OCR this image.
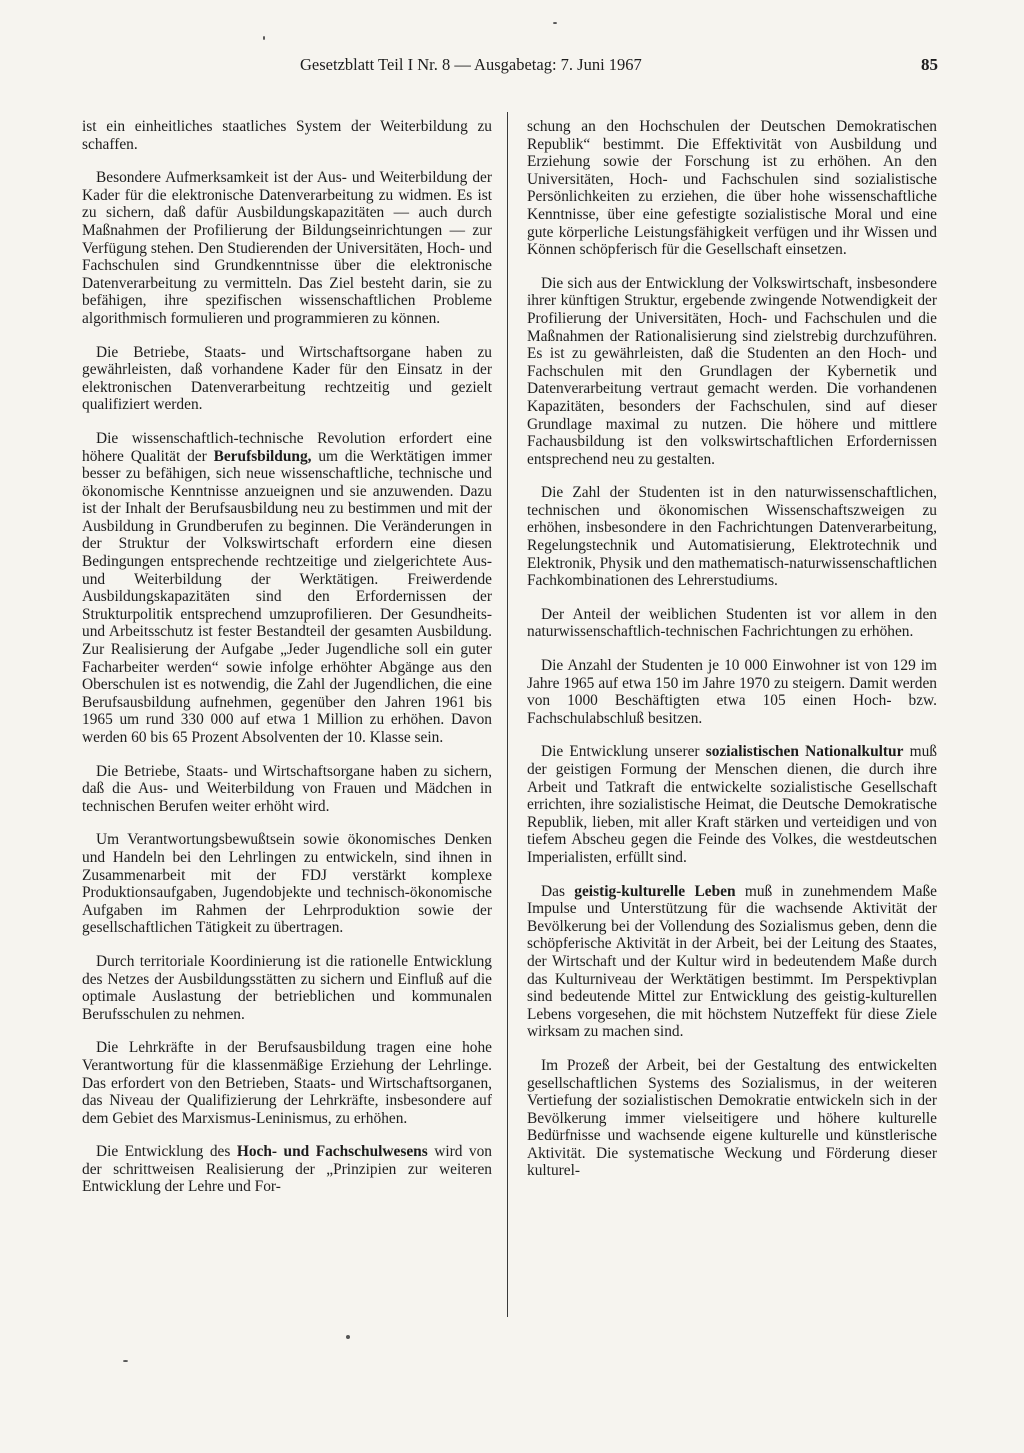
Gesetzblatt Teil I Nr. 8 — Ausgabetag: 7. Juni 1967	85

ist ein einheitliches staatliches System der Weiterbildung zu schaffen.

Besondere Aufmerksamkeit ist der Aus- und Weiterbildung der Kader für die elektronische Datenverarbeitung zu widmen. Es ist zu sichern, daß dafür Ausbildungskapazitäten — auch durch Maßnahmen der Profilierung der Bildungseinrichtungen — zur Verfügung stehen. Den Studierenden der Universitäten, Hoch- und Fachschulen sind Grundkenntnisse über die elektronische Datenverarbeitung zu vermitteln. Das Ziel besteht darin, sie zu befähigen, ihre spezifischen wissenschaftlichen Probleme algorithmisch formulieren und programmieren zu können.

Die Betriebe, Staats- und Wirtschaftsorgane haben zu gewährleisten, daß vorhandene Kader für den Einsatz in der elektronischen Datenverarbeitung rechtzeitig und gezielt qualifiziert werden.

Die wissenschaftlich-technische Revolution erfordert eine höhere Qualität der Berufsbildung, um die Werktätigen immer besser zu befähigen, sich neue wissenschaftliche, technische und ökonomische Kenntnisse anzueignen und sie anzuwenden. Dazu ist der Inhalt der Berufsausbildung neu zu bestimmen und mit der Ausbildung in Grundberufen zu beginnen. Die Veränderungen in der Struktur der Volkswirtschaft erfordern eine diesen Bedingungen entsprechende rechtzeitige und zielgerichtete Aus- und Weiterbildung der Werktätigen. Freiwerdende Ausbildungskapazitäten sind den Erfordernissen der Strukturpolitik entsprechend umzuprofilieren. Der Gesundheits- und Arbeitsschutz ist fester Bestandteil der gesamten Ausbildung. Zur Realisierung der Aufgabe „Jeder Jugendliche soll ein guter Facharbeiter werden“ sowie infolge erhöhter Abgänge aus den Oberschulen ist es notwendig, die Zahl der Jugendlichen, die eine Berufsausbildung aufnehmen, gegenüber den Jahren 1961 bis 1965 um rund 330 000 auf etwa 1 Million zu erhöhen. Davon werden 60 bis 65 Prozent Absolventen der 10. Klasse sein.

Die Betriebe, Staats- und Wirtschaftsorgane haben zu sichern, daß die Aus- und Weiterbildung von Frauen und Mädchen in technischen Berufen weiter erhöht wird.

Um Verantwortungsbewußtsein sowie ökonomisches Denken und Handeln bei den Lehrlingen zu entwickeln, sind ihnen in Zusammenarbeit mit der FDJ verstärkt komplexe Produktionsaufgaben, Jugendobjekte und technisch-ökonomische Aufgaben im Rahmen der Lehrproduktion sowie der gesellschaftlichen Tätigkeit zu übertragen.

Durch territoriale Koordinierung ist die rationelle Entwicklung des Netzes der Ausbildungsstätten zu sichern und Einfluß auf die optimale Auslastung der betrieblichen und kommunalen Berufsschulen zu nehmen.

Die Lehrkräfte in der Berufsausbildung tragen eine hohe Verantwortung für die klassenmäßige Erziehung der Lehrlinge. Das erfordert von den Betrieben, Staats- und Wirtschaftsorganen, das Niveau der Qualifizierung der Lehrkräfte, insbesondere auf dem Gebiet des Marxismus-Leninismus, zu erhöhen.

Die Entwicklung des Hoch- und Fachschulwesens wird von der schrittweisen Realisierung der „Prinzipien zur weiteren Entwicklung der Lehre und For-

schung an den Hochschulen der Deutschen Demokratischen Republik“ bestimmt. Die Effektivität von Ausbildung und Erziehung sowie der Forschung ist zu erhöhen. An den Universitäten, Hoch- und Fachschulen sind sozialistische Persönlichkeiten zu erziehen, die über hohe wissenschaftliche Kenntnisse, über eine gefestigte sozialistische Moral und eine gute körperliche Leistungsfähigkeit verfügen und ihr Wissen und Können schöpferisch für die Gesellschaft einsetzen.

Die sich aus der Entwicklung der Volkswirtschaft, insbesondere ihrer künftigen Struktur, ergebende zwingende Notwendigkeit der Profilierung der Universitäten, Hoch- und Fachschulen und die Maßnahmen der Rationalisierung sind zielstrebig durchzuführen. Es ist zu gewährleisten, daß die Studenten an den Hoch- und Fachschulen mit den Grundlagen der Kybernetik und Datenverarbeitung vertraut gemacht werden. Die vorhandenen Kapazitäten, besonders der Fachschulen, sind auf dieser Grundlage maximal zu nutzen. Die höhere und mittlere Fachausbildung ist den volkswirtschaftlichen Erfordernissen entsprechend neu zu gestalten.

Die Zahl der Studenten ist in den naturwissenschaftlichen, technischen und ökonomischen Wissenschaftszweigen zu erhöhen, insbesondere in den Fachrichtungen Datenverarbeitung, Regelungstechnik und Automatisierung, Elektrotechnik und Elektronik, Physik und den mathematisch-naturwissenschaftlichen Fachkombinationen des Lehrerstudiums.

Der Anteil der weiblichen Studenten ist vor allem in den naturwissenschaftlich-technischen Fachrichtungen zu erhöhen.

Die Anzahl der Studenten je 10 000 Einwohner ist von 129 im Jahre 1965 auf etwa 150 im Jahre 1970 zu steigern. Damit werden von 1000 Beschäftigten etwa 105 einen Hoch- bzw. Fachschulabschluß besitzen.

Die Entwicklung unserer sozialistischen Nationalkultur muß der geistigen Formung der Menschen dienen, die durch ihre Arbeit und Tatkraft die entwickelte sozialistische Gesellschaft errichten, ihre sozialistische Heimat, die Deutsche Demokratische Republik, lieben, mit aller Kraft stärken und verteidigen und von tiefem Abscheu gegen die Feinde des Volkes, die westdeutschen Imperialisten, erfüllt sind.

Das geistig-kulturelle Leben muß in zunehmendem Maße Impulse und Unterstützung für die wachsende Aktivität der Bevölkerung bei der Vollendung des Sozialismus geben, denn die schöpferische Aktivität in der Arbeit, bei der Leitung des Staates, der Wirtschaft und der Kultur wird in bedeutendem Maße durch das Kulturniveau der Werktätigen bestimmt. Im Perspektivplan sind bedeutende Mittel zur Entwicklung des geistig-kulturellen Lebens vorgesehen, die mit höchstem Nutzeffekt für diese Ziele wirksam zu machen sind.

Im Prozeß der Arbeit, bei der Gestaltung des entwickelten gesellschaftlichen Systems des Sozialismus, in der weiteren Vertiefung der sozialistischen Demokratie entwickeln sich in der Bevölkerung immer vielseitigere und höhere kulturelle Bedürfnisse und wachsende eigene kulturelle und künstlerische Aktivität. Die systematische Weckung und Förderung dieser kulturel-
